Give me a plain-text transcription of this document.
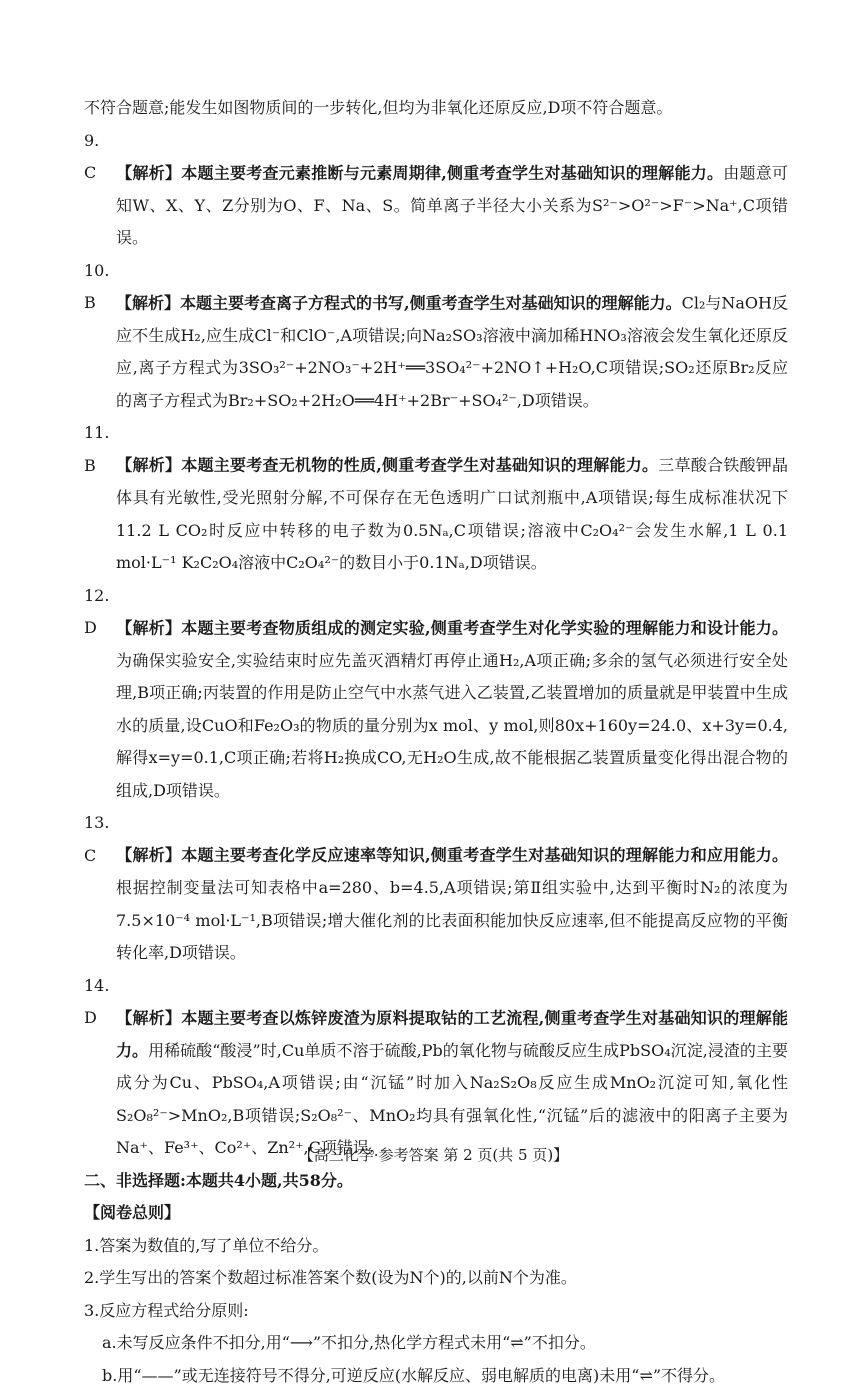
不符合题意;能发生如图物质间的一步转化,但均为非氧化还原反应,D项不符合题意。

9. C 【解析】本题主要考查元素推断与元素周期律,侧重考查学生对基础知识的理解能力。由题意可知W、X、Y、Z分别为O、F、Na、S。简单离子半径大小关系为S²⁻>O²⁻>F⁻>Na⁺,C项错误。

10. B 【解析】本题主要考查离子方程式的书写,侧重考查学生对基础知识的理解能力。Cl₂与NaOH反应不生成H₂,应生成Cl⁻和ClO⁻,A项错误;向Na₂SO₃溶液中滴加稀HNO₃溶液会发生氧化还原反应,离子方程式为3SO₃²⁻+2NO₃⁻+2H⁺══3SO₄²⁻+2NO↑+H₂O,C项错误;SO₂还原Br₂反应的离子方程式为Br₂+SO₂+2H₂O══4H⁺+2Br⁻+SO₄²⁻,D项错误。

11. B 【解析】本题主要考查无机物的性质,侧重考查学生对基础知识的理解能力。三草酸合铁酸钾晶体具有光敏性,受光照射分解,不可保存在无色透明广口试剂瓶中,A项错误;每生成标准状况下11.2 L CO₂时反应中转移的电子数为0.5Nₐ,C项错误;溶液中C₂O₄²⁻会发生水解,1 L 0.1 mol·L⁻¹ K₂C₂O₄溶液中C₂O₄²⁻的数目小于0.1Nₐ,D项错误。

12. D 【解析】本题主要考查物质组成的测定实验,侧重考查学生对化学实验的理解能力和设计能力。为确保实验安全,实验结束时应先盖灭酒精灯再停止通H₂,A项正确;多余的氢气必须进行安全处理,B项正确;丙装置的作用是防止空气中水蒸气进入乙装置,乙装置增加的质量就是甲装置中生成水的质量,设CuO和Fe₂O₃的物质的量分别为x mol、y mol,则80x+160y=24.0、x+3y=0.4,解得x=y=0.1,C项正确;若将H₂换成CO,无H₂O生成,故不能根据乙装置质量变化得出混合物的组成,D项错误。

13. C 【解析】本题主要考查化学反应速率等知识,侧重考查学生对基础知识的理解能力和应用能力。根据控制变量法可知表格中a=280、b=4.5,A项错误;第Ⅱ组实验中,达到平衡时N₂的浓度为7.5×10⁻⁴ mol·L⁻¹,B项错误;增大催化剂的比表面积能加快反应速率,但不能提高反应物的平衡转化率,D项错误。

14. D 【解析】本题主要考查以炼锌废渣为原料提取钴的工艺流程,侧重考查学生对基础知识的理解能力。用稀硫酸“酸浸”时,Cu单质不溶于硫酸,Pb的氧化物与硫酸反应生成PbSO₄沉淀,浸渣的主要成分为Cu、PbSO₄,A项错误;由“沉锰”时加入Na₂S₂O₈反应生成MnO₂沉淀可知,氧化性S₂O₈²⁻>MnO₂,B项错误;S₂O₈²⁻、MnO₂均具有强氧化性,“沉锰”后的滤液中的阳离子主要为Na⁺、Fe³⁺、Co²⁺、Zn²⁺,C项错误。

二、非选择题:本题共4小题,共58分。

【阅卷总则】

1.答案为数值的,写了单位不给分。

2.学生写出的答案个数超过标准答案个数(设为N个)的,以前N个为准。

3.反应方程式给分原则:

a.未写反应条件不扣分,用“⟶”不扣分,热化学方程式未用“⇌”不扣分。

b.用“——”或无连接符号不得分,可逆反应(水解反应、弱电解质的电离)未用“⇌”不得分。

【高三化学·参考答案 第 2 页(共 5 页)】
